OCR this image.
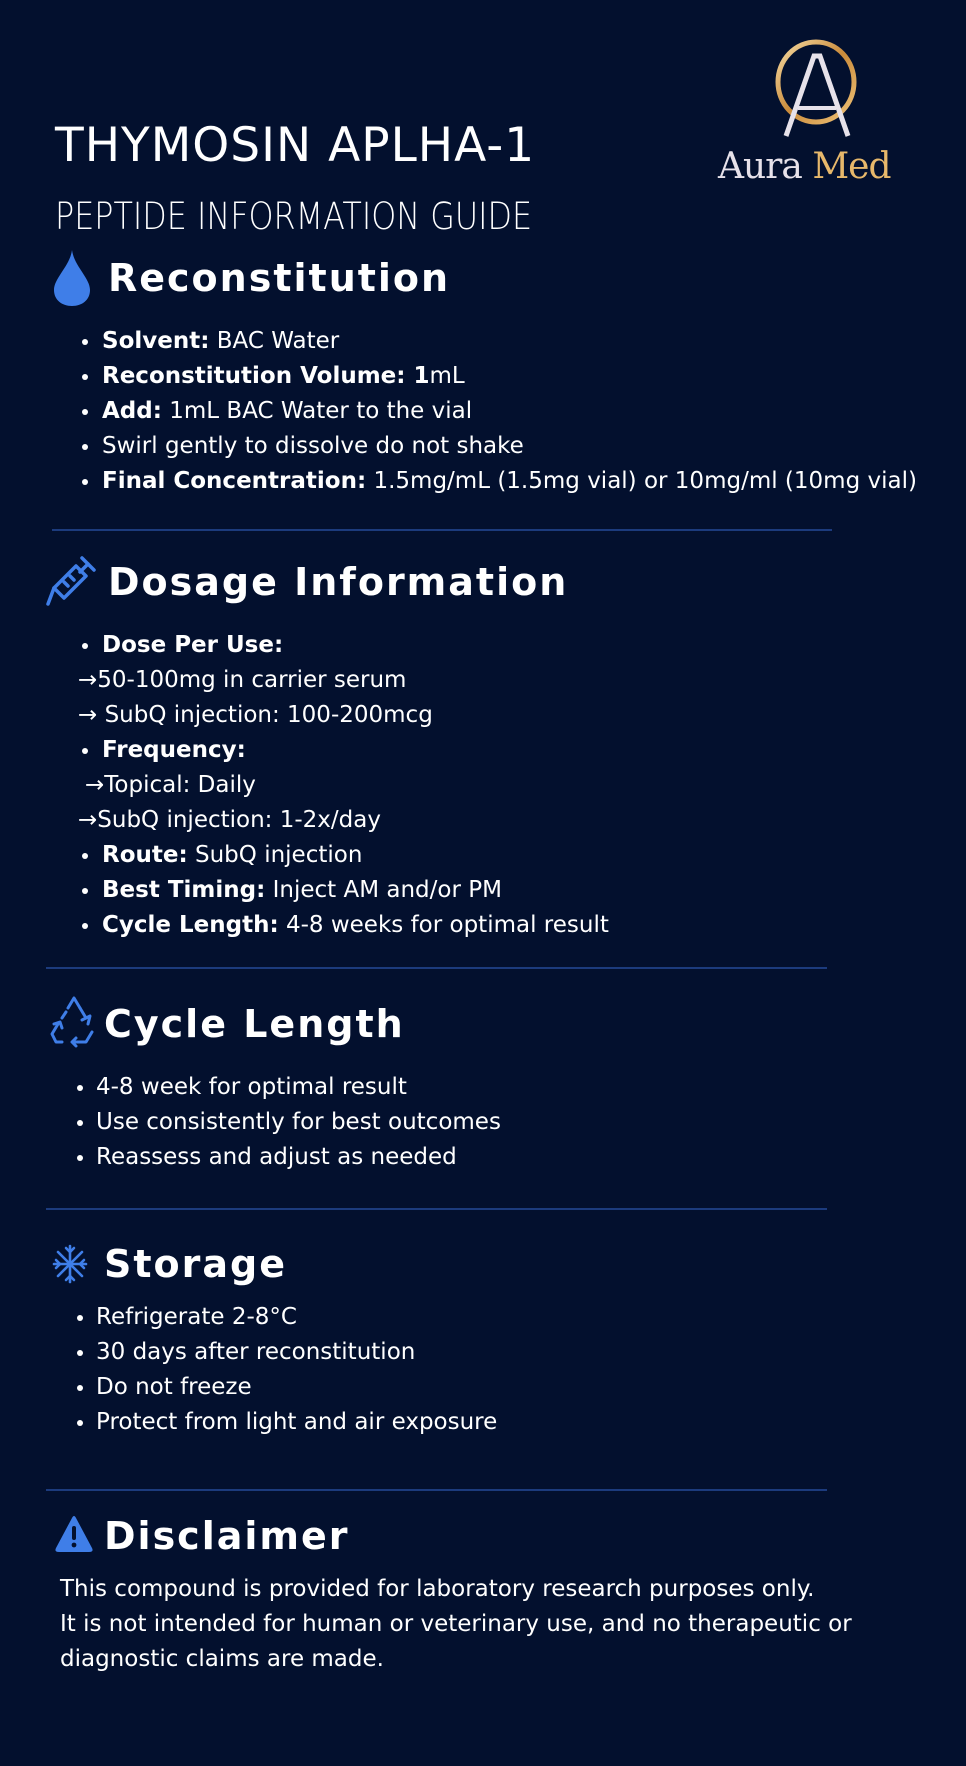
THYMOSIN APLHA-1
PEPTIDE INFORMATION GUIDE
Aura Med
Reconstitution
Solvent: BAC Water
Reconstitution Volume: 1mL
Add: 1mL BAC Water to the vial
Swirl gently to dissolve do not shake
Final Concentration: 1.5mg/mL (1.5mg vial) or 10mg/ml (10mg vial)
Dosage Information
Dose Per Use:
→50-100mg in carrier serum
→ SubQ injection: 100-200mcg
Frequency:
→Topical: Daily
→SubQ injection: 1-2x/day
Route: SubQ injection
Best Timing: Inject AM and/or PM
Cycle Length: 4-8 weeks for optimal result
Cycle Length
4-8 week for optimal result
Use consistently for best outcomes
Reassess and adjust as needed
Storage
Refrigerate 2-8°C
30 days after reconstitution
Do not freeze
Protect from light and air exposure
Disclaimer
This compound is provided for laboratory research purposes only.
It is not intended for human or veterinary use, and no therapeutic or
diagnostic claims are made.
